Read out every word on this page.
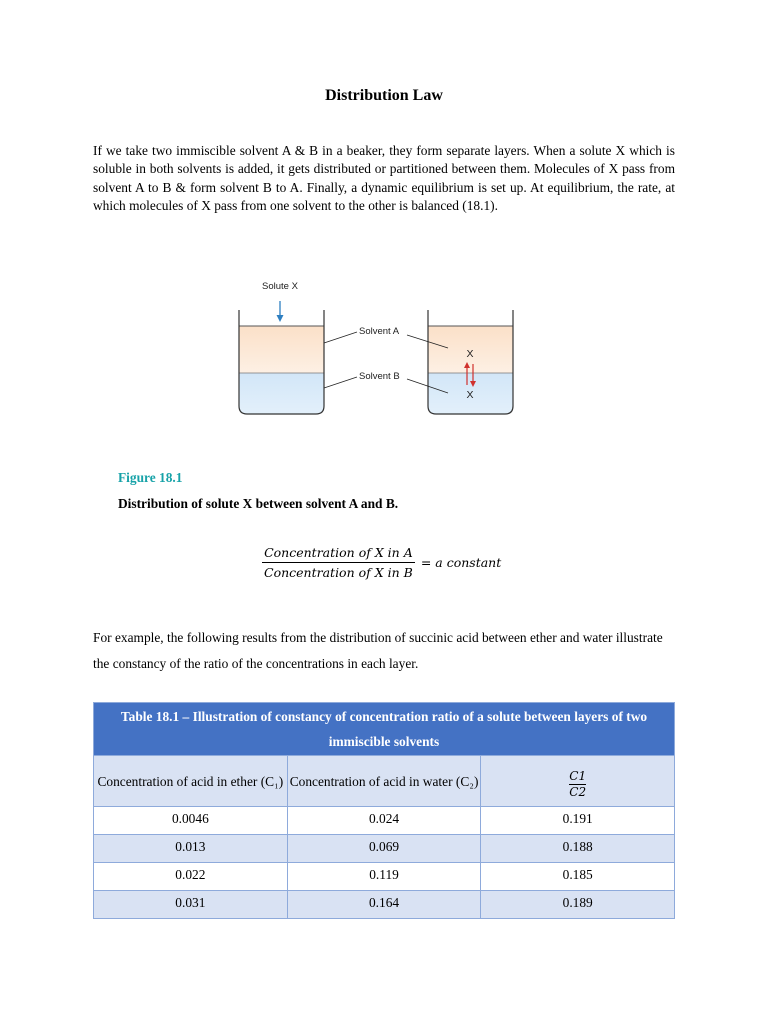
Distribution Law
If we take two immiscible solvent A & B in a beaker, they form separate layers. When a solute X which is soluble in both solvents is added, it gets distributed or partitioned between them. Molecules of X pass from solvent A to B & form solvent B to A. Finally, a dynamic equilibrium is set up. At equilibrium, the rate, at which molecules of X pass from one solvent to the other is balanced (18.1).
Solute X
Solvent A
Solvent B
X
X
Figure 18.1
Distribution of solute X between solvent A and B.
$\frac{\text{Concentration of X in A}}{\text{Concentration of X in B}} = a$ constant
For example, the following results from the distribution of succinic acid between ether and water illustrate the constancy of the ratio of the concentrations in each layer.
Table 18.1 – Illustration of constancy of concentration ratio of a solute between layers of two immiscible solvents		
Concentration of acid in ether (C₁)	Concentration of acid in water (C₂)	$\frac{C1}{C2}$

0.0046	0.024	0.191
0.013	0.069	0.188
0.022	0.119	0.185
0.031	0.164	0.189
